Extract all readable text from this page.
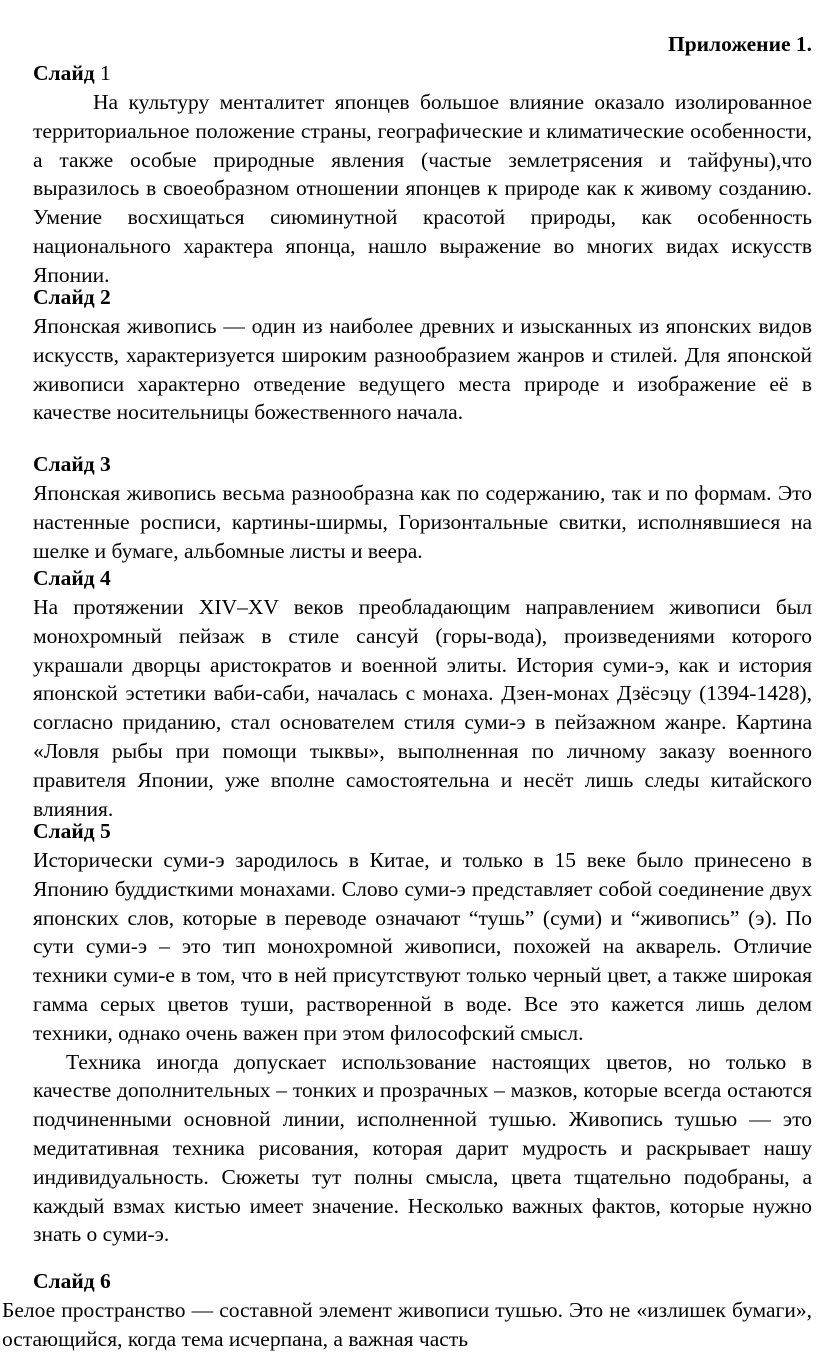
Приложение 1.
Слайд 1

На культуру менталитет японцев большое влияние оказало изолированное территориальное положение страны, географические и климатические особенности, а также особые природные явления (частые землетрясения и тайфуны),что выразилось в своеобразном отношении японцев к природе как к живому созданию. Умение восхищаться сиюминутной красотой природы, как особенность национального характера японца, нашло выражение во многих видах искусств Японии.

Слайд 2

Японская живопись — один из наиболее древних и изысканных из японских видов искусств, характеризуется широким разнообразием жанров и стилей. Для японской живописи характерно отведение ведущего места природе и изображение её в качестве носительницы божественного начала.

Слайд 3

Японская живопись весьма разнообразна как по содержанию, так и по формам. Это настенные росписи, картины-ширмы, Горизонтальные свитки, исполнявшиеся на шелке и бумаге, альбомные листы и веера.

Слайд 4

На протяжении XIV–XV веков преобладающим направлением живописи был монохромный пейзаж в стиле сансуй (горы-вода), произведениями которого украшали дворцы аристократов и военной элиты. История суми-э, как и история японской эстетики ваби-саби, началась с монаха. Дзен-монах Дзёсэцу (1394-1428), согласно приданию, стал основателем стиля суми-э в пейзажном жанре. Картина «Ловля рыбы при помощи тыквы», выполненная по личному заказу военного правителя Японии, уже вполне самостоятельна и несёт лишь следы китайского влияния.

Слайд 5

Исторически суми-э зародилось в Китае, и только в 15 веке было принесено в Японию буддисткими монахами. Слово суми-э представляет собой соединение двух японских слов, которые в переводе означают “тушь” (суми) и “живопись” (э). По сути суми-э – это тип монохромной живописи, похожей на акварель. Отличие техники суми-е в том, что в ней присутствуют только черный цвет, а также широкая гамма серых цветов туши, растворенной в воде. Все это кажется лишь делом техники, однако очень важен при этом философский смысл.

Техника иногда допускает использование настоящих цветов, но только в качестве дополнительных – тонких и прозрачных – мазков, которые всегда остаются подчиненными основной линии, исполненной тушью. Живопись тушью — это медитативная техника рисования, которая дарит мудрость и раскрывает нашу индивидуальность. Сюжеты тут полны смысла, цвета тщательно подобраны, а каждый взмах кистью имеет значение. Несколько важных фактов, которые нужно знать о суми-э.

Слайд 6

Белое пространство — составной элемент живописи тушью. Это не «излишек бумаги», остающийся, когда тема исчерпана, а важная часть
